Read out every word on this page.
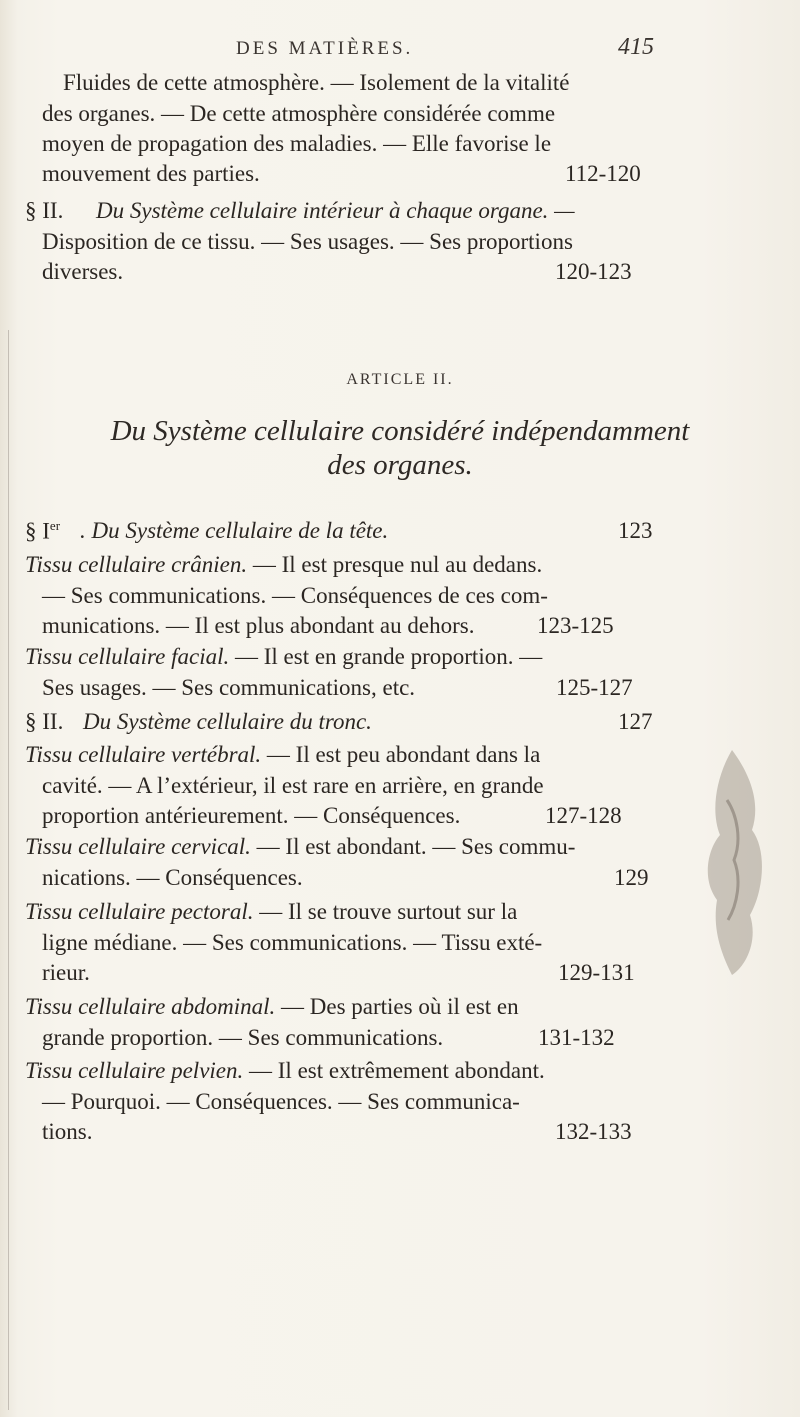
DES MATIÈRES.	415
Fluides de cette atmosphère. — Isolement de la vitalité
des organes. — De cette atmosphère considérée comme
moyen de propagation des maladies. — Elle favorise le
mouvement des parties.	112-120
§ II. Du Système cellulaire intérieur à chaque organe. —
Disposition de ce tissu. — Ses usages. — Ses proportions
diverses.	120-123
ARTICLE II.
Du Système cellulaire considéré indépendamment
des organes.
§ Ier . Du Système cellulaire de la tête.	123
Tissu cellulaire crânien. — Il est presque nul au dedans.
— Ses communications. — Conséquences de ces com-
munications. — Il est plus abondant au dehors.	123-125
Tissu cellulaire facial. — Il est en grande proportion. —
Ses usages. — Ses communications, etc.	125-127
§ II. Du Système cellulaire du tronc.	127
Tissu cellulaire vertébral. — Il est peu abondant dans la
cavité. — A l’extérieur, il est rare en arrière, en grande
proportion antérieurement. — Conséquences.	127-128
Tissu cellulaire cervical. — Il est abondant. — Ses commu-
nications. — Conséquences.	129
Tissu cellulaire pectoral. — Il se trouve surtout sur la
ligne médiane. — Ses communications. — Tissu exté-
rieur.	129-131
Tissu cellulaire abdominal. — Des parties où il est en
grande proportion. — Ses communications.	131-132
Tissu cellulaire pelvien. — Il est extrêmement abondant.
— Pourquoi. — Conséquences. — Ses communica-
tions.	132-133
